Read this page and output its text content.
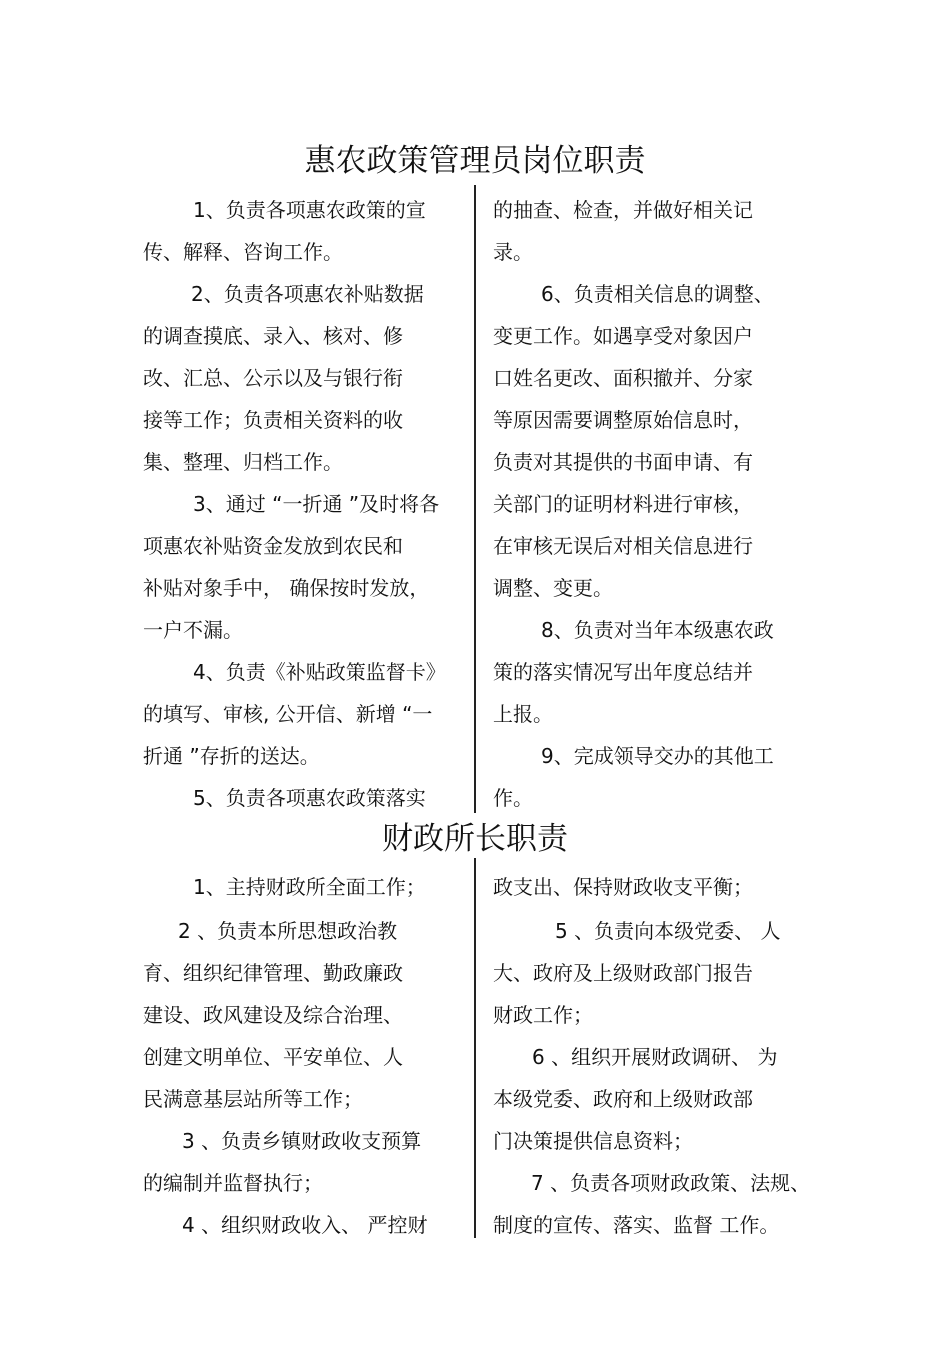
惠农政策管理员岗位职责
1、负责各项惠农政策的宣
传、解释、咨询工作。
2、负责各项惠农补贴数据
的调查摸底、录入、核对、修
改、汇总、公示以及与银行衔
接等工作；负责相关资料的收
集、整理、归档工作。
3、通过 “一折通 ”及时将各
项惠农补贴资金发放到农民和
补贴对象手中， 确保按时发放，
一户不漏。
4、负责《补贴政策监督卡》
的填写、审核, 公开信、新增 “一
折通 ”存折的送达。
5、负责各项惠农政策落实
的抽查、检查，并做好相关记
录。
6、负责相关信息的调整、
变更工作。如遇享受对象因户
口姓名更改、面积撤并、分家
等原因需要调整原始信息时，
负责对其提供的书面申请、有
关部门的证明材料进行审核，
在审核无误后对相关信息进行
调整、变更。
8、负责对当年本级惠农政
策的落实情况写出年度总结并
上报。
9、完成领导交办的其他工
作。
财政所长职责
1、主持财政所全面工作；
2 、负责本所思想政治教
育、组织纪律管理、勤政廉政
建设、政风建设及综合治理、
创建文明单位、平安单位、人
民满意基层站所等工作；
3 、负责乡镇财政收支预算
的编制并监督执行；
4 、组织财政收入、 严控财
政支出、保持财政收支平衡；
5 、负责向本级党委、 人
大、政府及上级财政部门报告
财政工作；
6 、组织开展财政调研、 为
本级党委、政府和上级财政部
门决策提供信息资料；
7 、负责各项财政政策、法规、
制度的宣传、落实、监督 工作。
